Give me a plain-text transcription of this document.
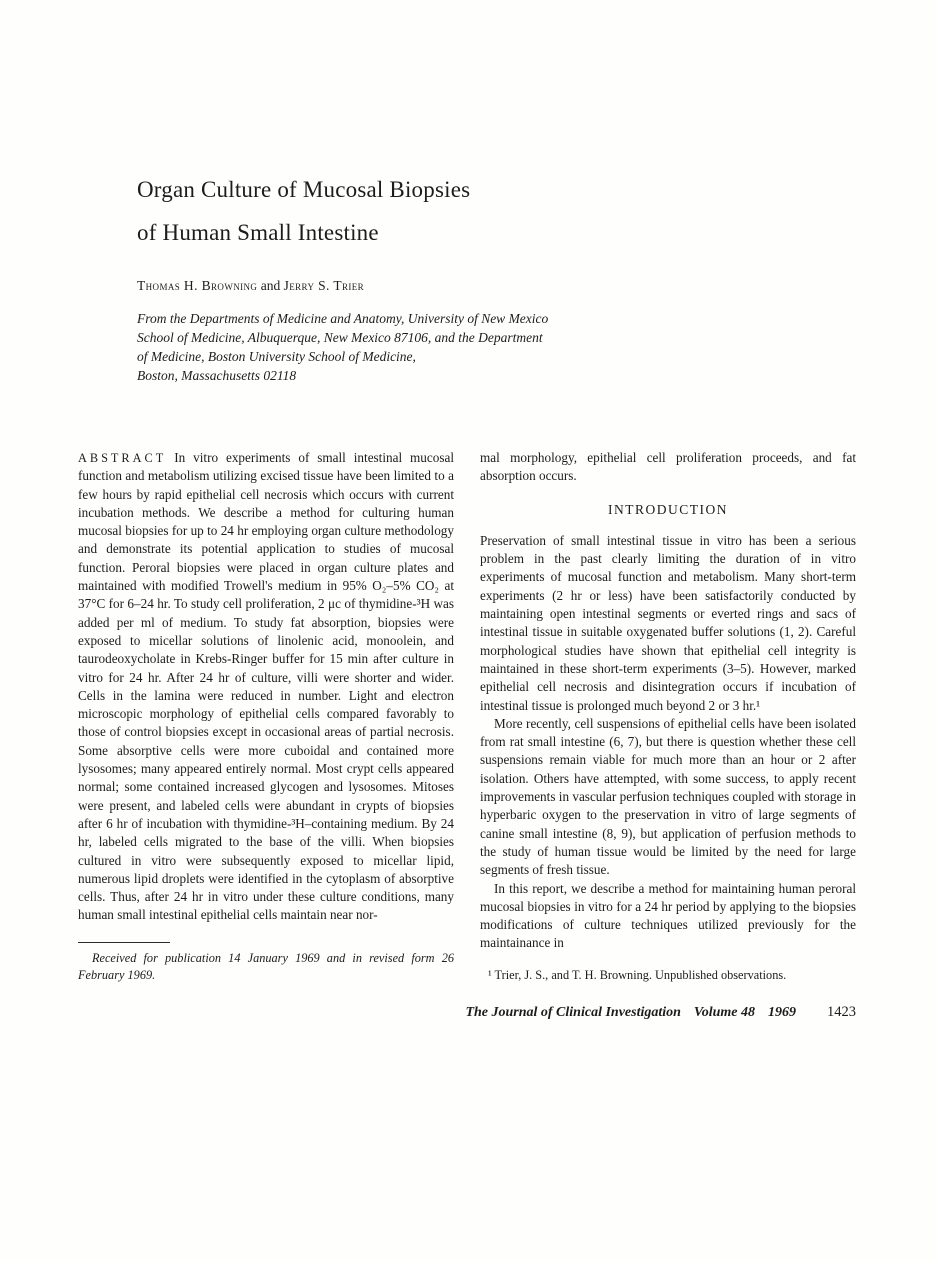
Organ Culture of Mucosal Biopsies
of Human Small Intestine

Thomas H. Browning and Jerry S. Trier

From the Departments of Medicine and Anatomy, University of New Mexico
School of Medicine, Albuquerque, New Mexico 87106, and the Department
of Medicine, Boston University School of Medicine,
Boston, Massachusetts 02118

ABSTRACT In vitro experiments of small intestinal mucosal function and metabolism utilizing excised tissue have been limited to a few hours by rapid epithelial cell necrosis which occurs with current incubation methods. We describe a method for culturing human mucosal biopsies for up to 24 hr employing organ culture methodology and demonstrate its potential application to studies of mucosal function. Peroral biopsies were placed in organ culture plates and maintained with modified Trowell's medium in 95% O₂–5% CO₂ at 37°C for 6–24 hr. To study cell proliferation, 2 μc of thymidine-³H was added per ml of medium. To study fat absorption, biopsies were exposed to micellar solutions of linolenic acid, monoolein, and taurodeoxycholate in Krebs-Ringer buffer for 15 min after culture in vitro for 24 hr. After 24 hr of culture, villi were shorter and wider. Cells in the lamina were reduced in number. Light and electron microscopic morphology of epithelial cells compared favorably to those of control biopsies except in occasional areas of partial necrosis. Some absorptive cells were more cuboidal and contained more lysosomes; many appeared entirely normal. Most crypt cells appeared normal; some contained increased glycogen and lysosomes. Mitoses were present, and labeled cells were abundant in crypts of biopsies after 6 hr of incubation with thymidine-³H–containing medium. By 24 hr, labeled cells migrated to the base of the villi. When biopsies cultured in vitro were subsequently exposed to micellar lipid, numerous lipid droplets were identified in the cytoplasm of absorptive cells. Thus, after 24 hr in vitro under these culture conditions, many human small intestinal epithelial cells maintain near nor-

Received for publication 14 January 1969 and in revised form 26 February 1969.

mal morphology, epithelial cell proliferation proceeds, and fat absorption occurs.

INTRODUCTION

Preservation of small intestinal tissue in vitro has been a serious problem in the past clearly limiting the duration of in vitro experiments of mucosal function and metabolism. Many short-term experiments (2 hr or less) have been satisfactorily conducted by maintaining open intestinal segments or everted rings and sacs of intestinal tissue in suitable oxygenated buffer solutions (1, 2). Careful morphological studies have shown that epithelial cell integrity is maintained in these short-term experiments (3–5). However, marked epithelial cell necrosis and disintegration occurs if incubation of intestinal tissue is prolonged much beyond 2 or 3 hr.¹

More recently, cell suspensions of epithelial cells have been isolated from rat small intestine (6, 7), but there is question whether these cell suspensions remain viable for much more than an hour or 2 after isolation. Others have attempted, with some success, to apply recent improvements in vascular perfusion techniques coupled with storage in hyperbaric oxygen to the preservation in vitro of large segments of canine small intestine (8, 9), but application of perfusion methods to the study of human tissue would be limited by the need for large segments of fresh tissue.

In this report, we describe a method for maintaining human peroral mucosal biopsies in vitro for a 24 hr period by applying to the biopsies modifications of culture techniques utilized previously for the maintainance in

¹ Trier, J. S., and T. H. Browning. Unpublished observations.

The Journal of Clinical Investigation Volume 48 1969 1423
